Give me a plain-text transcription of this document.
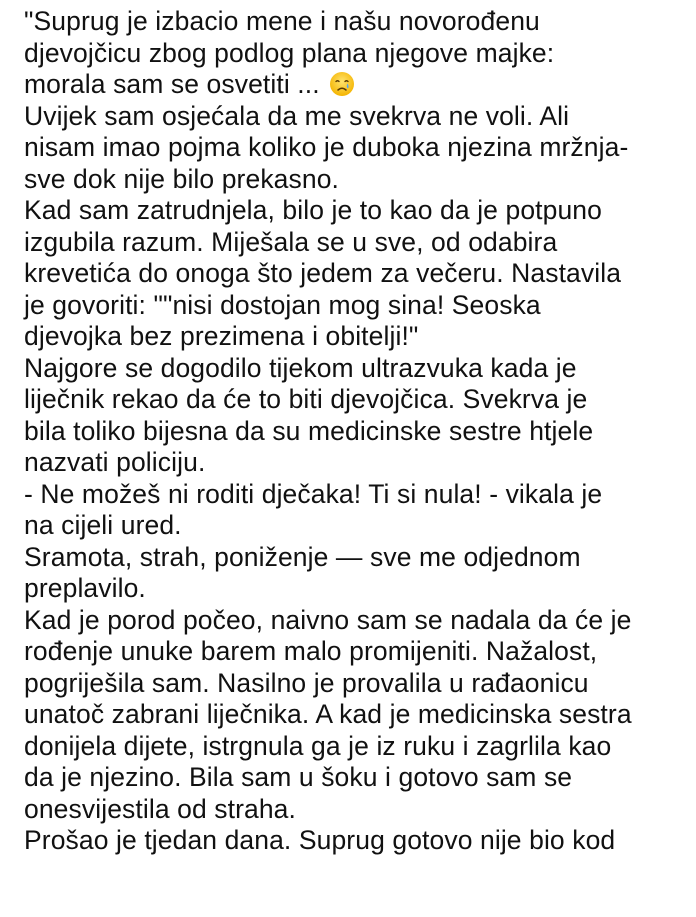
"Suprug je izbacio mene i našu novorođenu
djevojčicu zbog podlog plana njegove majke:
morala sam se osvetiti ...
Uvijek sam osjećala da me svekrva ne voli. Ali
nisam imao pojma koliko je duboka njezina mržnja-
sve dok nije bilo prekasno.
Kad sam zatrudnjela, bilo je to kao da je potpuno
izgubila razum. Miješala se u sve, od odabira
krevetića do onoga što jedem za večeru. Nastavila
je govoriti: ""nisi dostojan mog sina! Seoska
djevojka bez prezimena i obitelji!"
Najgore se dogodilo tijekom ultrazvuka kada je
liječnik rekao da će to biti djevojčica. Svekrva je
bila toliko bijesna da su medicinske sestre htjele
nazvati policiju.
- Ne možeš ni roditi dječaka! Ti si nula! - vikala je
na cijeli ured.
Sramota, strah, poniženje — sve me odjednom
preplavilo.
Kad je porod počeo, naivno sam se nadala da će je
rođenje unuke barem malo promijeniti. Nažalost,
pogriješila sam. Nasilno je provalila u rađaonicu
unatoč zabrani liječnika. A kad je medicinska sestra
donijela dijete, istrgnula ga je iz ruku i zagrlila kao
da je njezino. Bila sam u šoku i gotovo sam se
onesvijestila od straha.
Prošao je tjedan dana. Suprug gotovo nije bio kod
